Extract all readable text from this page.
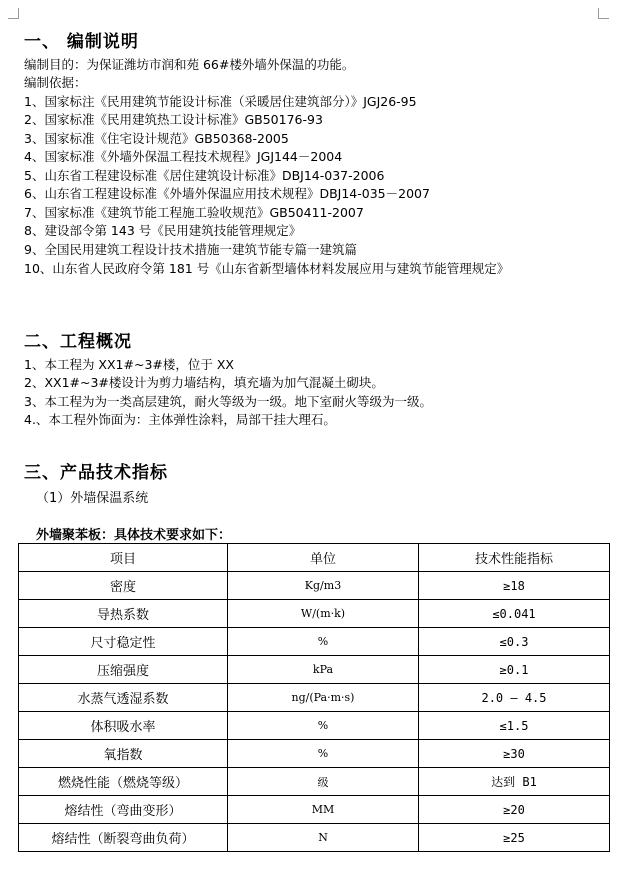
一、 编制说明
编制目的：为保证潍坊市润和苑 66#楼外墙外保温的功能。
编制依据：
1、国家标注《民用建筑节能设计标准（采暖居住建筑部分）》JGJ26-95
2、国家标准《民用建筑热工设计标准》GB50176-93
3、国家标准《住宅设计规范》GB50368-2005
4、国家标准《外墙外保温工程技术规程》JGJ144－2004
5、山东省工程建设标准《居住建筑设计标准》DBJ14-037-2006
6、山东省工程建设标准《外墙外保温应用技术规程》DBJ14-035－2007
7、国家标准《建筑节能工程施工验收规范》GB50411-2007
8、建设部令第 143 号《民用建筑技能管理规定》
9、全国民用建筑工程设计技术措施一建筑节能专篇一建筑篇
10、山东省人民政府令第 181 号《山东省新型墙体材料发展应用与建筑节能管理规定》
二、工程概况
1、本工程为 XX1#~3#楼，位于 XX
2、XX1#~3#楼设计为剪力墙结构，填充墙为加气混凝土砌块。
3、本工程为为一类高层建筑，耐火等级为一级。地下室耐火等级为一级。
4.、本工程外饰面为：主体弹性涂料，局部干挂大理石。
三、产品技术指标
（1）外墙保温系统
外墙聚苯板：具体技术要求如下：
项目	单位	技术性能指标
密度	Kg/m3	≥18
导热系数	W/(m·k)	≤0.041
尺寸稳定性	%	≤0.3
压缩强度	kPa	≥0.1
水蒸气透湿系数	ng/(Pa·m·s)	2.0 — 4.5
体积吸水率	%	≤1.5
氧指数	%	≥30
燃烧性能（燃烧等级）	级	达到 B1
熔结性（弯曲变形）	MM	≥20
熔结性（断裂弯曲负荷）	N	≥25
